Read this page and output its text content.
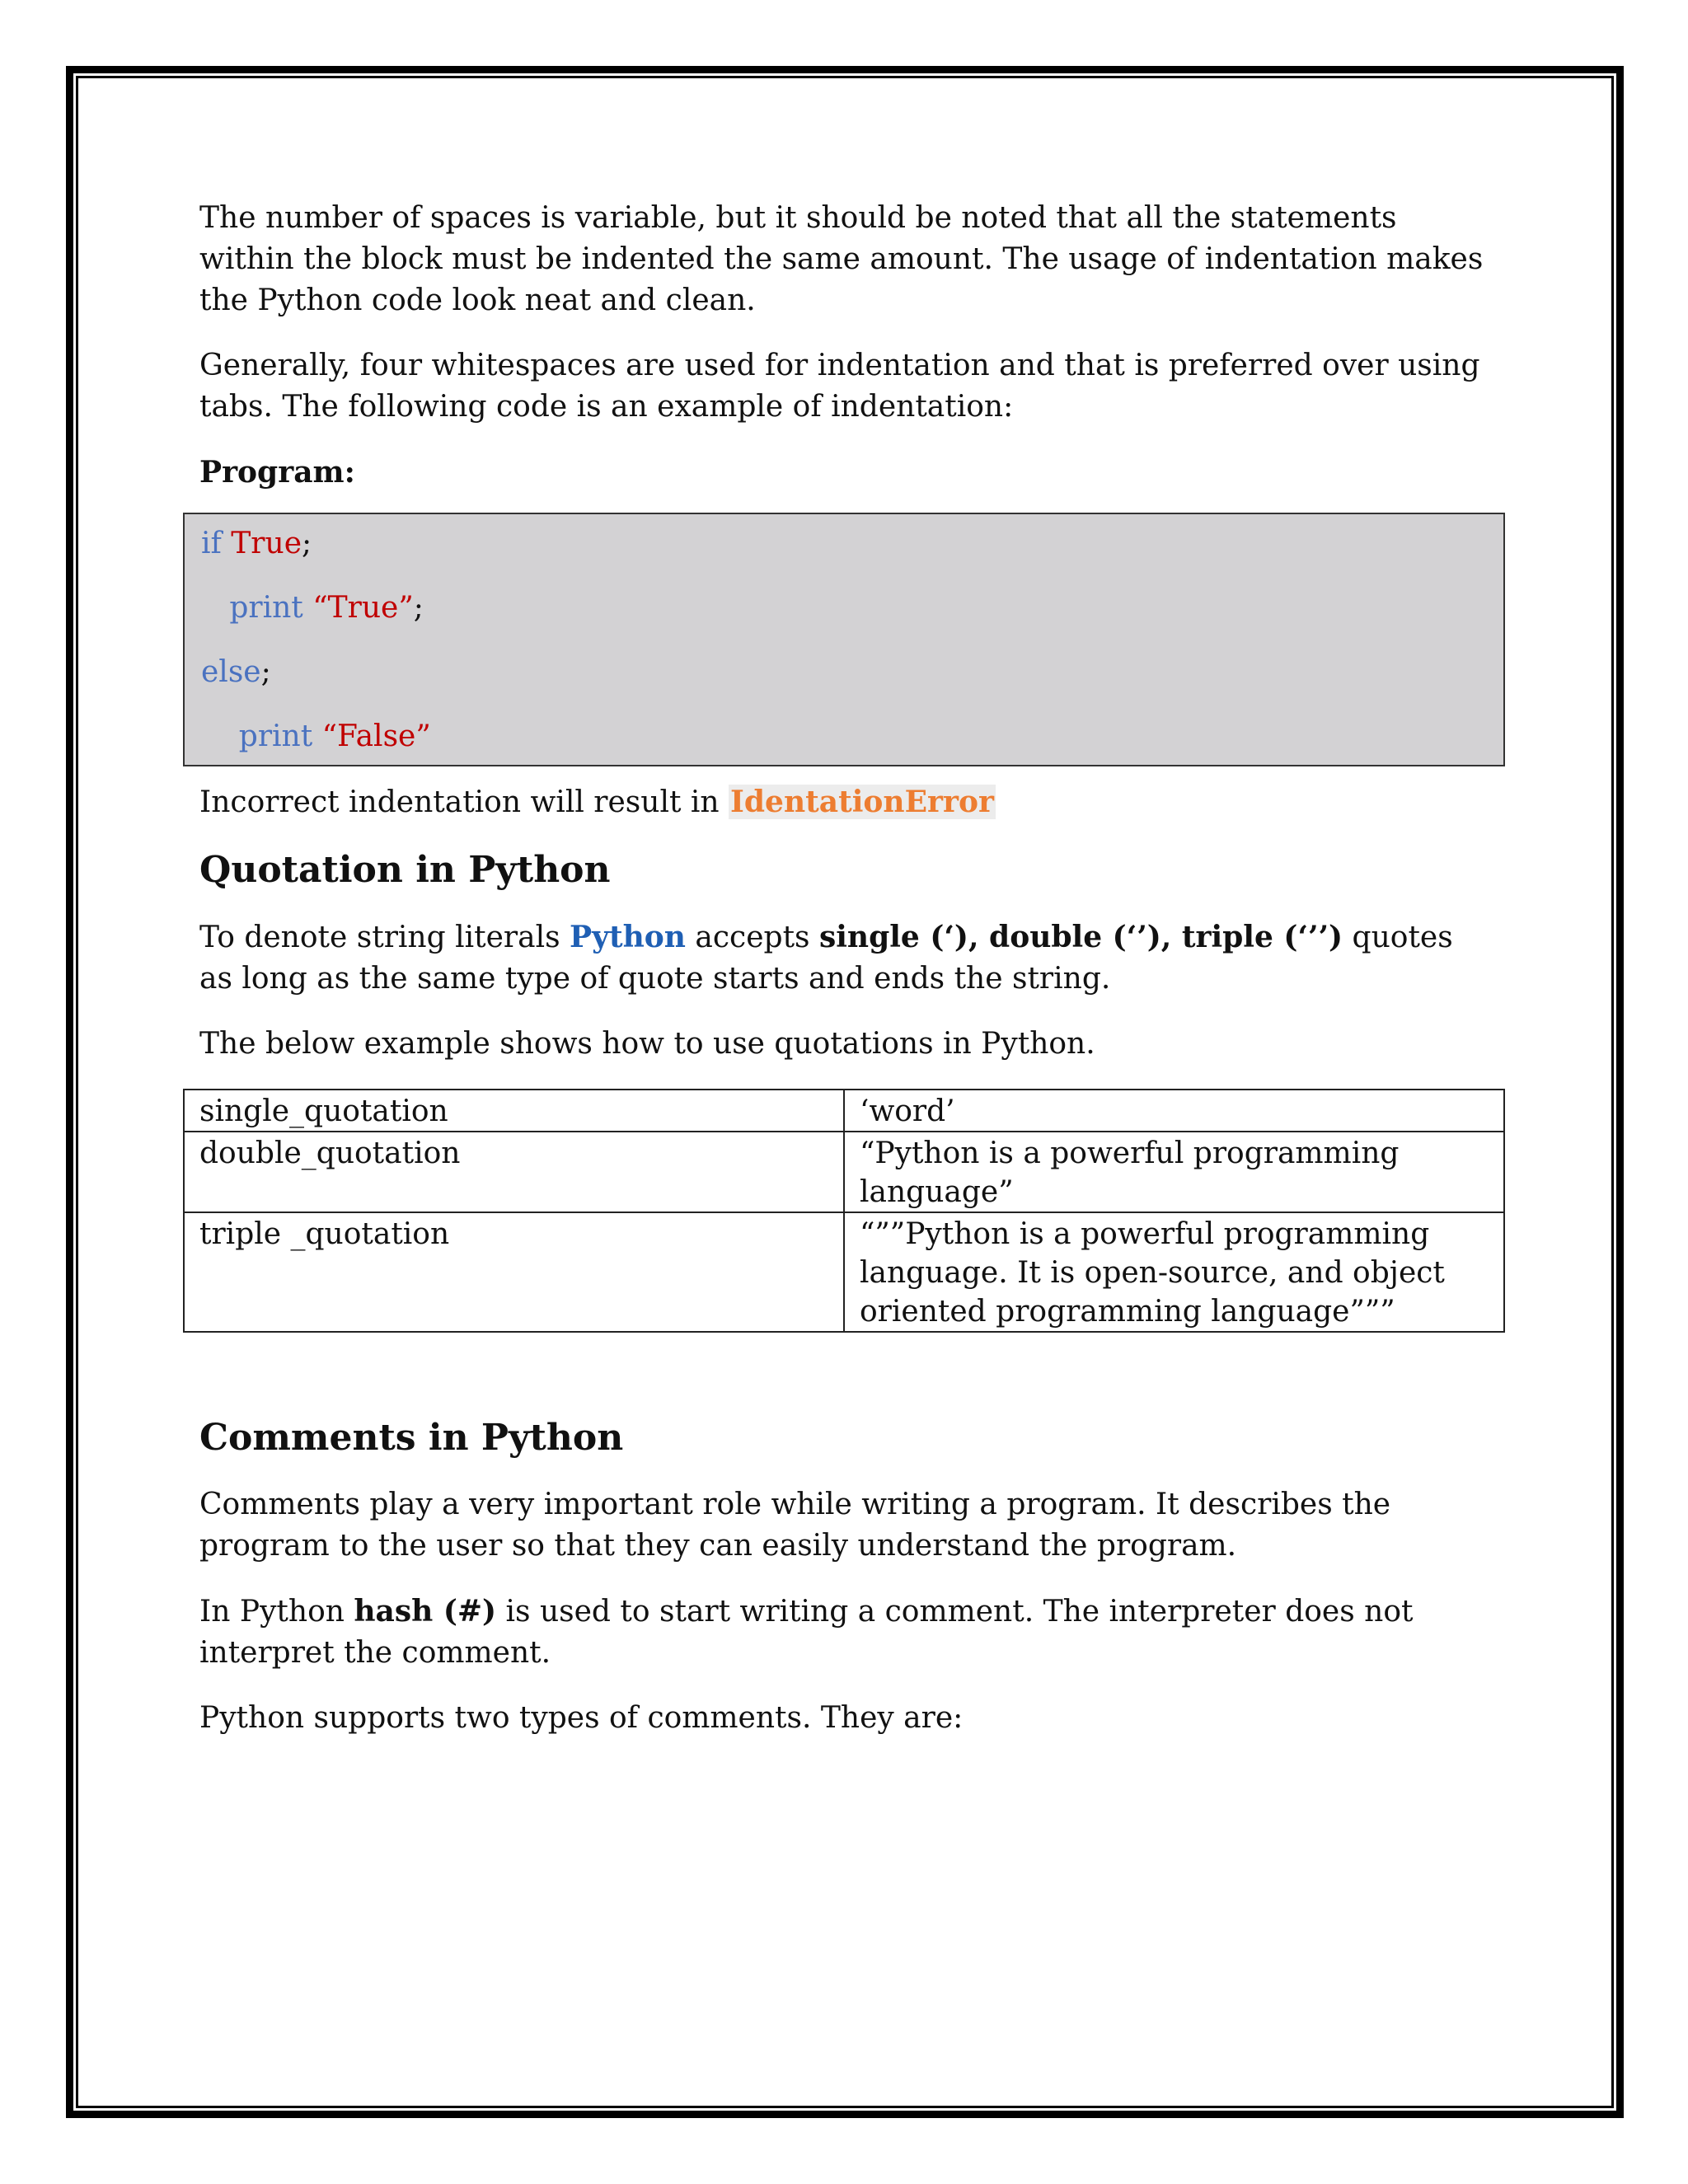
The number of spaces is variable, but it should be noted that all the statements within the block must be indented the same amount. The usage of indentation makes the Python code look neat and clean.

Generally, four whitespaces are used for indentation and that is preferred over using tabs. The following code is an example of indentation:

Program:

if True;
print “True”;
else;
print “False”

Incorrect indentation will result in IdentationError

Quotation in Python

To denote string literals Python accepts single (‘), double (‘’), triple (‘’’) quotes as long as the same type of quote starts and ends the string.

The below example shows how to use quotations in Python.

single_quotation	‘word’
double_quotation	“Python is a powerful programming language”
triple _quotation	“””Python is a powerful programming language. It is open-source, and object oriented programming language”””
Comments in Python

Comments play a very important role while writing a program. It describes the program to the user so that they can easily understand the program.

In Python hash (#) is used to start writing a comment. The interpreter does not interpret the comment.

Python supports two types of comments. They are:
